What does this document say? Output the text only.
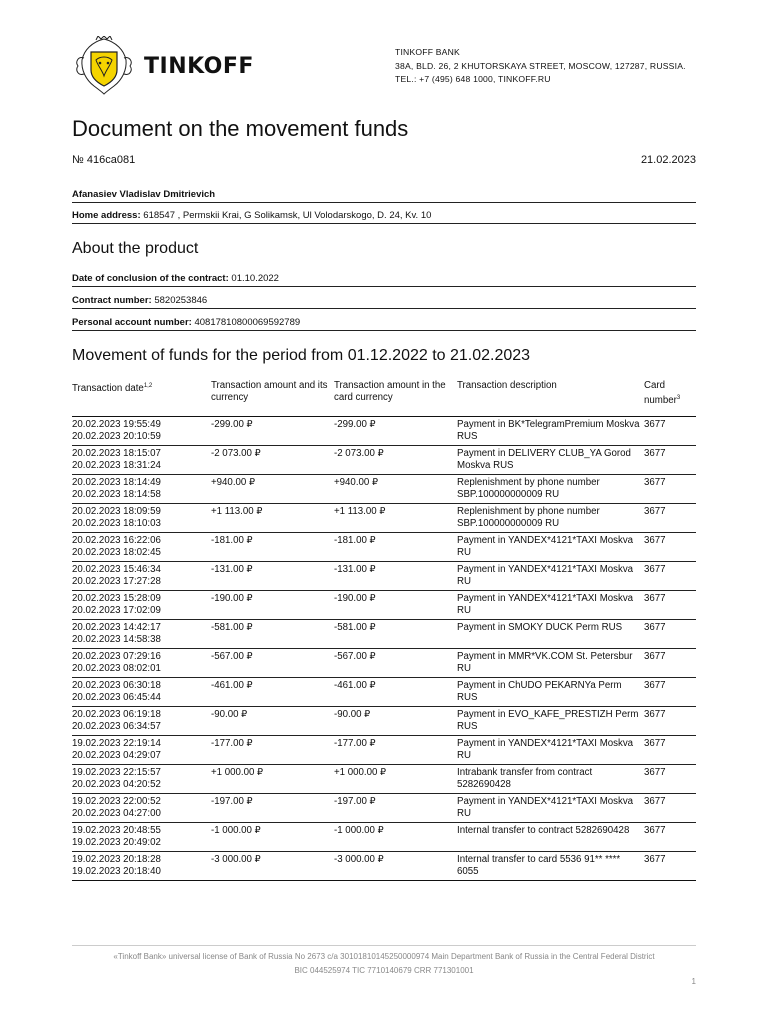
TINKOFF
TINKOFF BANK
38A, BLD. 26, 2 KHUTORSKAYA STREET, MOSCOW, 127287, RUSSIA.
TEL.: +7 (495) 648 1000, TINKOFF.RU
Document on the movement funds
№ 416ca081	21.02.2023
Afanasiev Vladislav Dmitrievich
Home address: 618547 , Permskii Krai, G Solikamsk, Ul Volodarskogo, D. 24, Kv. 10
About the product
Date of conclusion of the contract: 01.10.2022
Contract number: 5820253846
Personal account number: 40817810800069592789
Movement of funds for the period from 01.12.2022 to 21.02.2023
Transaction date$^{1,2}$	Transaction amount and its currency	Transaction amount in the card currency	Transaction description	Card number$^3$

20.02.2023 19:55:49
20.02.2023 20:10:59	-299.00 ₽	-299.00 ₽	Payment in BK*TelegramPremium Moskva RUS	3677

20.02.2023 18:15:07
20.02.2023 18:31:24	-2 073.00 ₽	-2 073.00 ₽	Payment in DELIVERY CLUB_YA Gorod Moskva RUS	3677

20.02.2023 18:14:49
20.02.2023 18:14:58	+940.00 ₽	+940.00 ₽	Replenishment by phone number SBP.100000000009 RU	3677

20.02.2023 18:09:59
20.02.2023 18:10:03	+1 113.00 ₽	+1 113.00 ₽	Replenishment by phone number SBP.100000000009 RU	3677

20.02.2023 16:22:06
20.02.2023 18:02:45	-181.00 ₽	-181.00 ₽	Payment in YANDEX*4121*TAXI Moskva RU	3677

20.02.2023 15:46:34
20.02.2023 17:27:28	-131.00 ₽	-131.00 ₽	Payment in YANDEX*4121*TAXI Moskva RU	3677

20.02.2023 15:28:09
20.02.2023 17:02:09	-190.00 ₽	-190.00 ₽	Payment in YANDEX*4121*TAXI Moskva RU	3677

20.02.2023 14:42:17
20.02.2023 14:58:38	-581.00 ₽	-581.00 ₽	Payment in SMOKY DUCK Perm RUS	3677

20.02.2023 07:29:16
20.02.2023 08:02:01	-567.00 ₽	-567.00 ₽	Payment in MMR*VK.COM St. Petersbur RU	3677

20.02.2023 06:30:18
20.02.2023 06:45:44	-461.00 ₽	-461.00 ₽	Payment in ChUDO PEKARNYa Perm RUS	3677

20.02.2023 06:19:18
20.02.2023 06:34:57	-90.00 ₽	-90.00 ₽	Payment in EVO_KAFE_PRESTIZH Perm RUS	3677

19.02.2023 22:19:14
20.02.2023 04:29:07	-177.00 ₽	-177.00 ₽	Payment in YANDEX*4121*TAXI Moskva RU	3677

19.02.2023 22:15:57
20.02.2023 04:20:52	+1 000.00 ₽	+1 000.00 ₽	Intrabank transfer from contract 5282690428	3677

19.02.2023 22:00:52
20.02.2023 04:27:00	-197.00 ₽	-197.00 ₽	Payment in YANDEX*4121*TAXI Moskva RU	3677

19.02.2023 20:48:55
19.02.2023 20:49:02	-1 000.00 ₽	-1 000.00 ₽	Internal transfer to contract 5282690428	3677

19.02.2023 20:18:28
19.02.2023 20:18:40	-3 000.00 ₽	-3 000.00 ₽	Internal transfer to card 5536 91** **** 6055	3677
«Tinkoff Bank» universal license of Bank of Russia No 2673 c/a 30101810145250000974 Main Department Bank of Russia in the Central Federal District
BIC 044525974 TIC 7710140679 CRR 771301001
1
